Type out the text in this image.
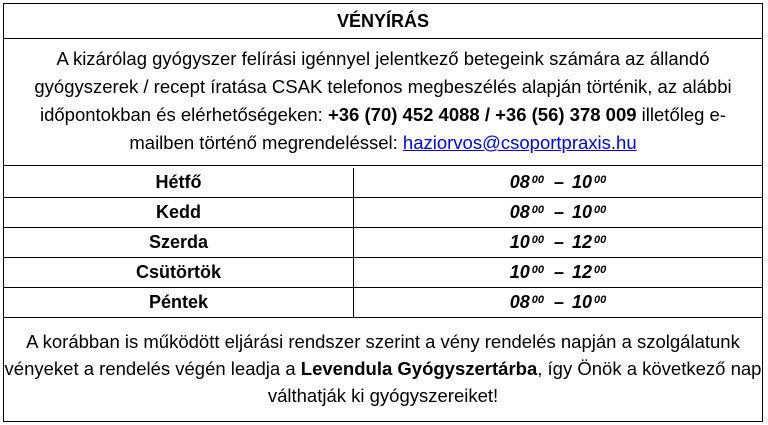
VÉNYÍRÁS
A kizárólag gyógyszer felírási igénnyel jelentkező betegeink számára az állandó gyógyszerek / recept íratása CSAK telefonos megbeszélés alapján történik, az alábbi időpontokban és elérhetőségeken: +36 (70) 452 4088 / +36 (56) 378 009 illetőleg e-mailben történő megrendeléssel: haziorvos@csoportpraxis.hu
Hétfő	$08^{00} - 10^{00}$
Kedd	$08^{00} - 10^{00}$
Szerda	$10^{00} - 12^{00}$
Csütörtök	$10^{00} - 12^{00}$
Péntek	$08^{00} - 10^{00}$
A korábban is működött eljárási rendszer szerint a vény rendelés napján a szolgálatunk vényeket a rendelés végén leadja a Levendula Gyógyszertárba, így Önök a következő nap válthatják ki gyógyszereiket!
